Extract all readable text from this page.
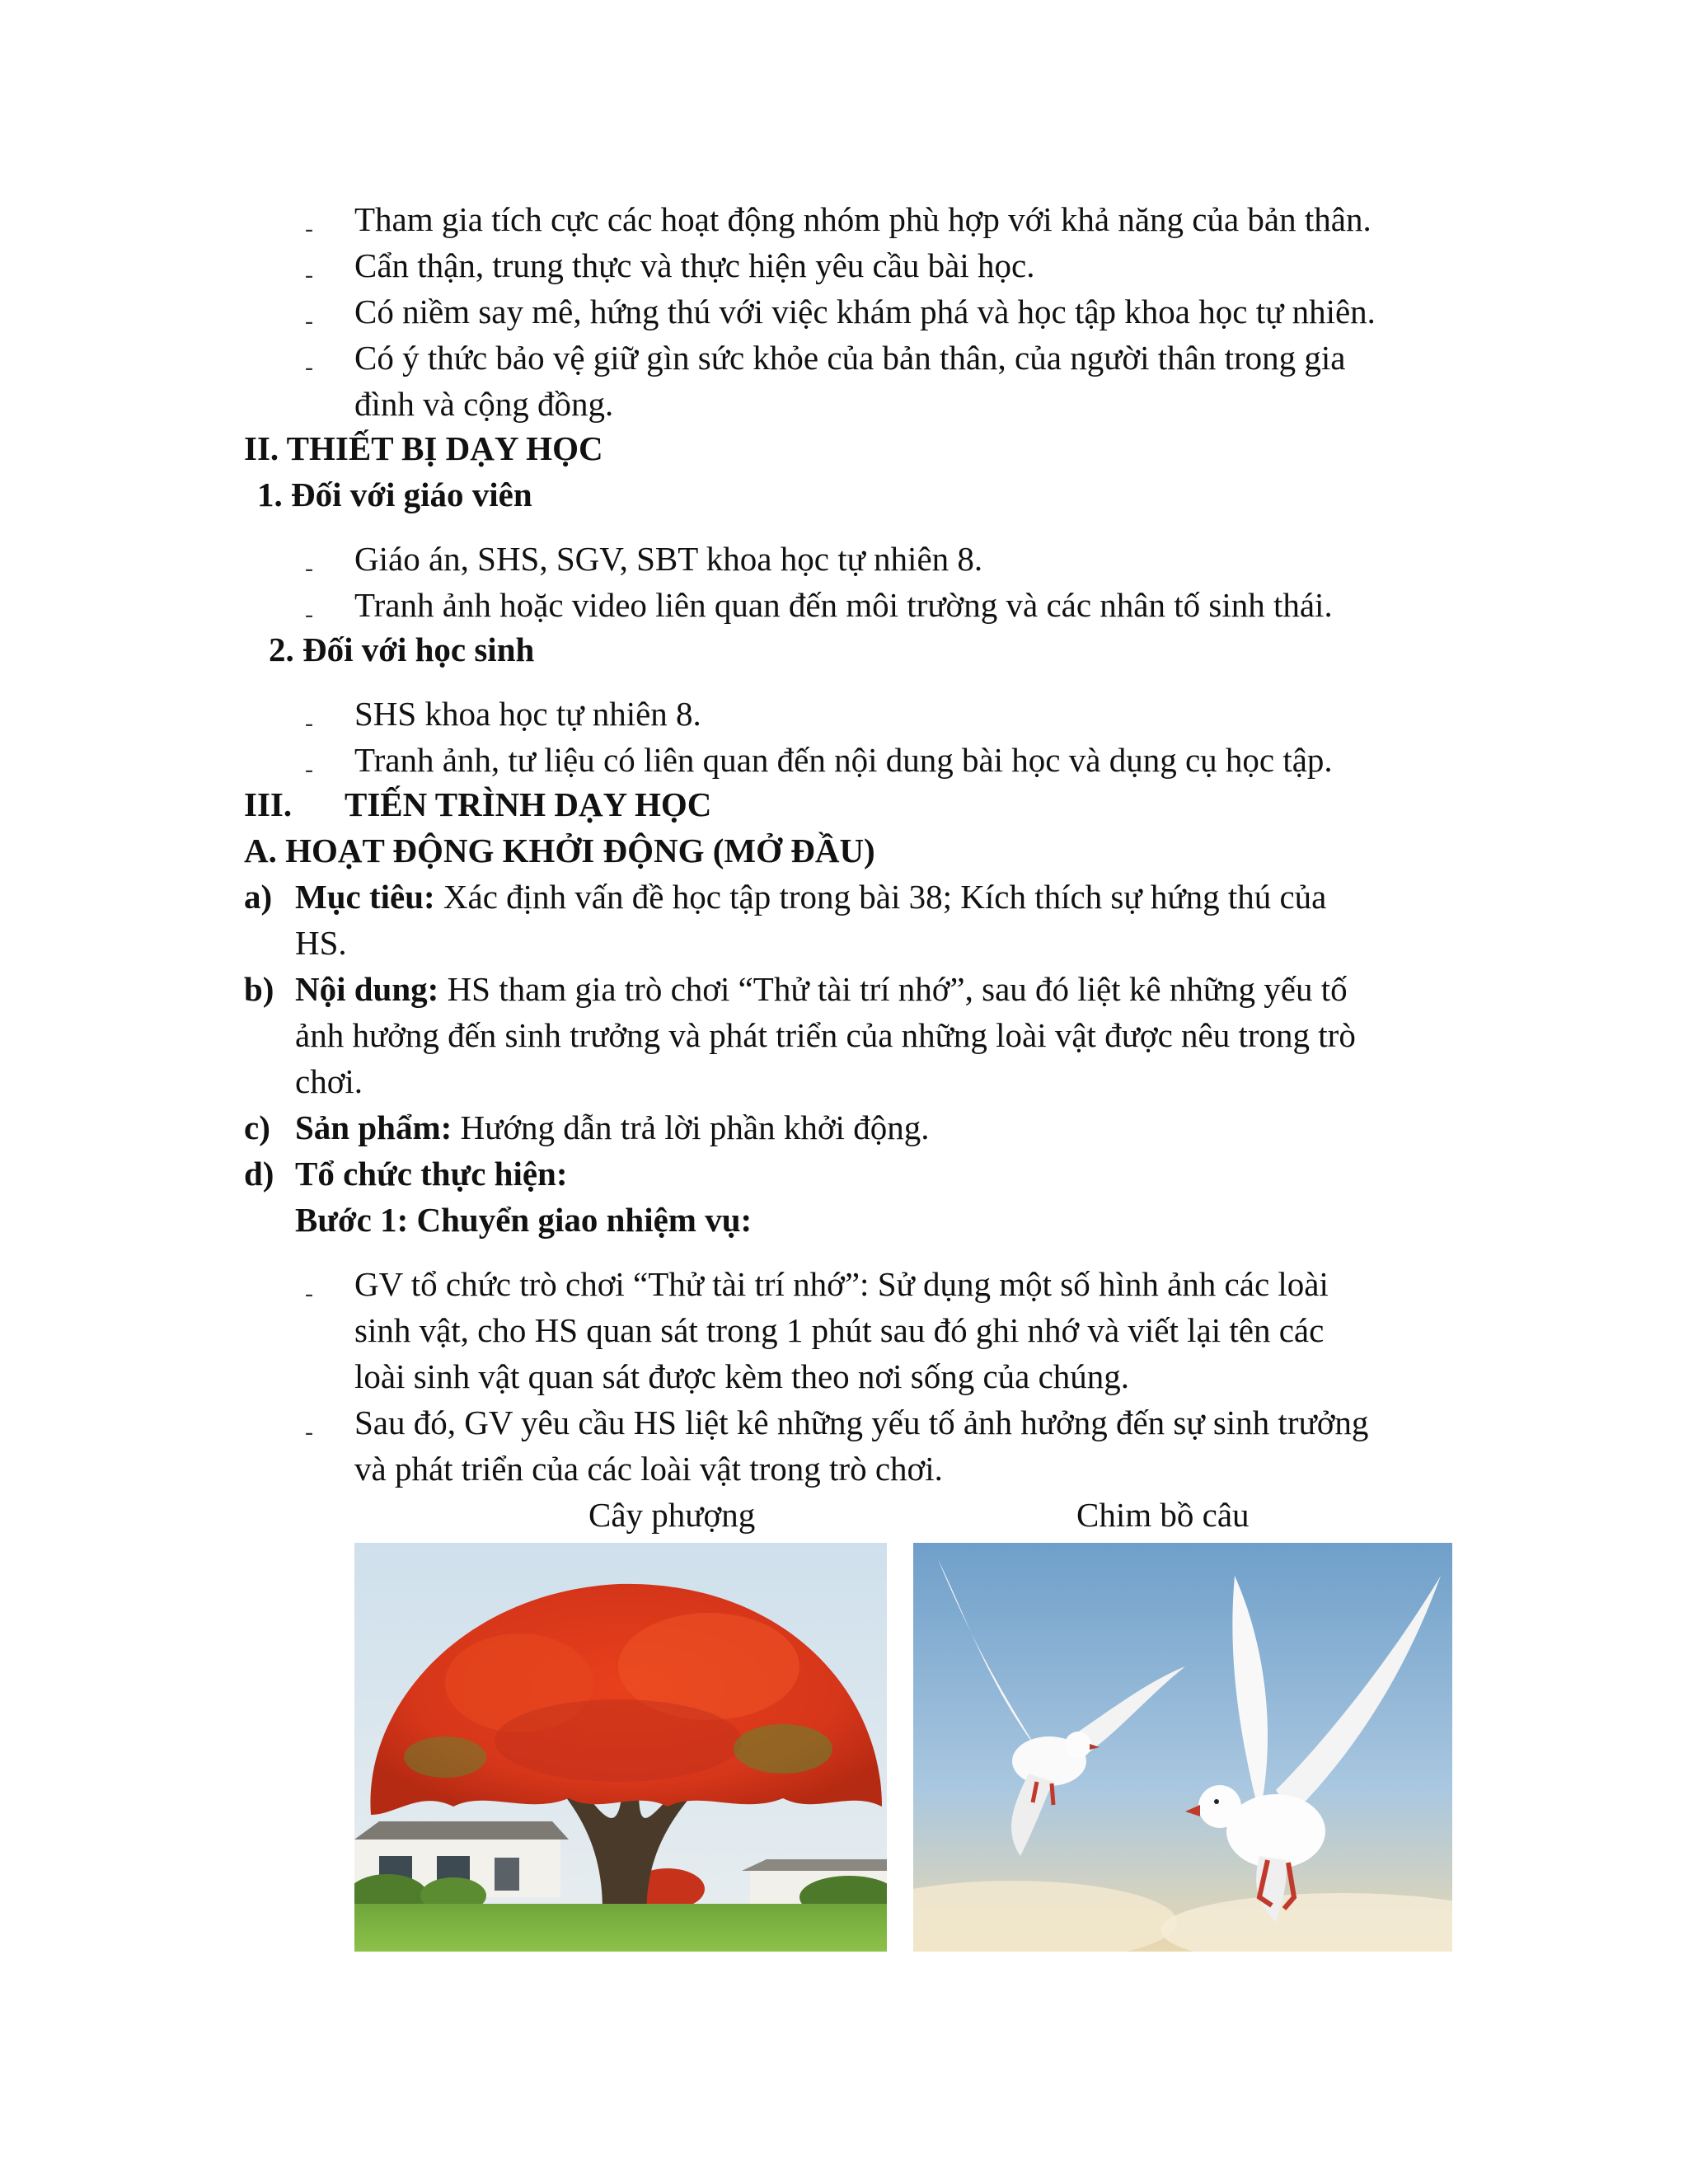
- Tham gia tích cực các hoạt động nhóm phù hợp với khả năng của bản thân.
- Cẩn thận, trung thực và thực hiện yêu cầu bài học.
- Có niềm say mê, hứng thú với việc khám phá và học tập khoa học tự nhiên.
- Có ý thức bảo vệ giữ gìn sức khỏe của bản thân, của người thân trong gia
đình và cộng đồng.
II. THIẾT BỊ DẠY HỌC
1. Đối với giáo viên
- Giáo án, SHS, SGV, SBT khoa học tự nhiên 8.
- Tranh ảnh hoặc video liên quan đến môi trường và các nhân tố sinh thái.
2. Đối với học sinh
- SHS khoa học tự nhiên 8.
- Tranh ảnh, tư liệu có liên quan đến nội dung bài học và dụng cụ học tập.
III. TIẾN TRÌNH DẠY HỌC
A. HOẠT ĐỘNG KHỞI ĐỘNG (MỞ ĐẦU)
a) Mục tiêu: Xác định vấn đề học tập trong bài 38; Kích thích sự hứng thú của
HS.
b) Nội dung: HS tham gia trò chơi “Thử tài trí nhớ”, sau đó liệt kê những yếu tố
ảnh hưởng đến sinh trưởng và phát triển của những loài vật được nêu trong trò
chơi.
c) Sản phẩm: Hướng dẫn trả lời phần khởi động.
d) Tổ chức thực hiện:
Bước 1: Chuyển giao nhiệm vụ:
- GV tổ chức trò chơi “Thử tài trí nhớ”: Sử dụng một số hình ảnh các loài
sinh vật, cho HS quan sát trong 1 phút sau đó ghi nhớ và viết lại tên các
loài sinh vật quan sát được kèm theo nơi sống của chúng.
- Sau đó, GV yêu cầu HS liệt kê những yếu tố ảnh hưởng đến sự sinh trưởng
và phát triển của các loài vật trong trò chơi.
Cây phượng	Chim bồ câu
